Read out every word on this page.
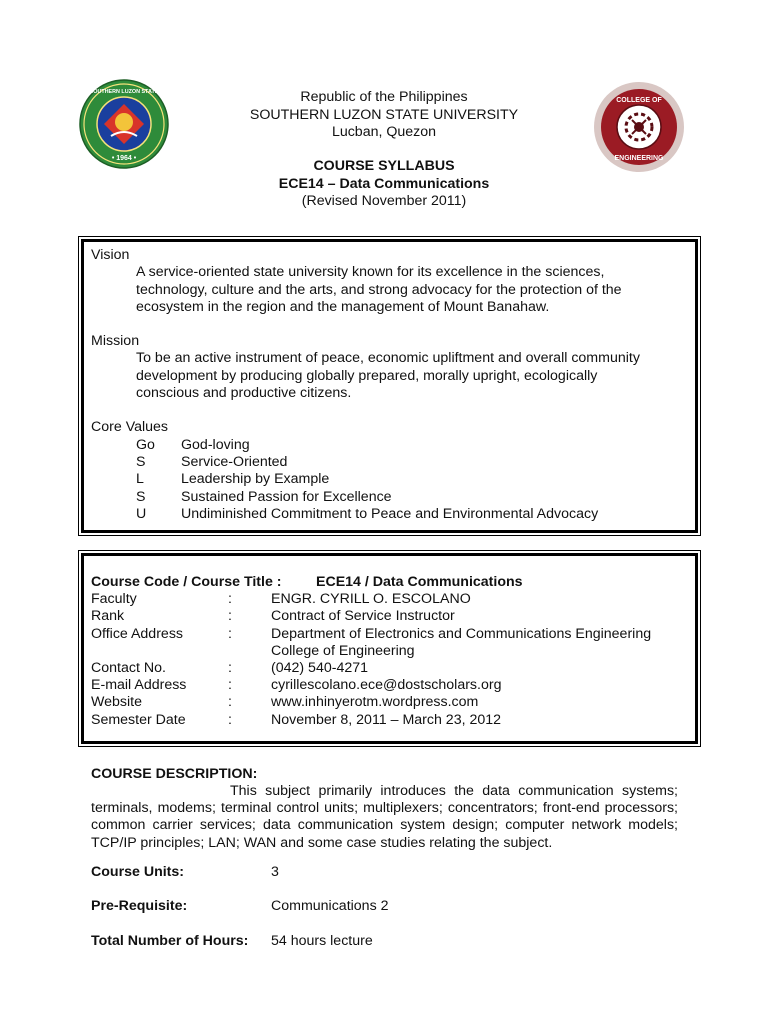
• 1964 •
SOUTHERN LUZON STATE
COLLEGE OF
ENGINEERING
Republic of the Philippines
SOUTHERN LUZON STATE UNIVERSITY
Lucban, Quezon
COURSE SYLLABUS
ECE14 – Data Communications
(Revised November 2011)
Vision
A service-oriented state university known for its excellence in the sciences,
technology, culture and the arts, and strong advocacy for the protection of the
ecosystem in the region and the management of Mount Banahaw.
Mission
To be an active instrument of peace, economic upliftment and overall community
development by producing globally prepared, morally upright, ecologically
conscious and productive citizens.
Core Values
Go	God-loving
S	Service-Oriented
L	Leadership by Example
S	Sustained Passion for Excellence
U	Undiminished Commitment to Peace and Environmental Advocacy
Course Code / Course Title :	ECE14 / Data Communications
Faculty	:	ENGR. CYRILL O. ESCOLANO
Rank	:	Contract of Service Instructor
Office Address	:	Department of Electronics and Communications Engineering
College of Engineering
Contact No.	:	(042) 540-4271
E-mail Address	:	cyrillescolano.ece@dostscholars.org
Website	:	www.inhinyerotm.wordpress.com
Semester Date	:	November 8, 2011 – March 23, 2012
COURSE DESCRIPTION:
This subject primarily introduces the data communication systems; terminals, modems; terminal control units; multiplexers; concentrators; front-end processors; common carrier services; data communication system design; computer network models; TCP/IP principles; LAN; WAN and some case studies relating the subject.
Course Units:	3
Pre-Requisite:	Communications 2
Total Number of Hours:	54 hours lecture
